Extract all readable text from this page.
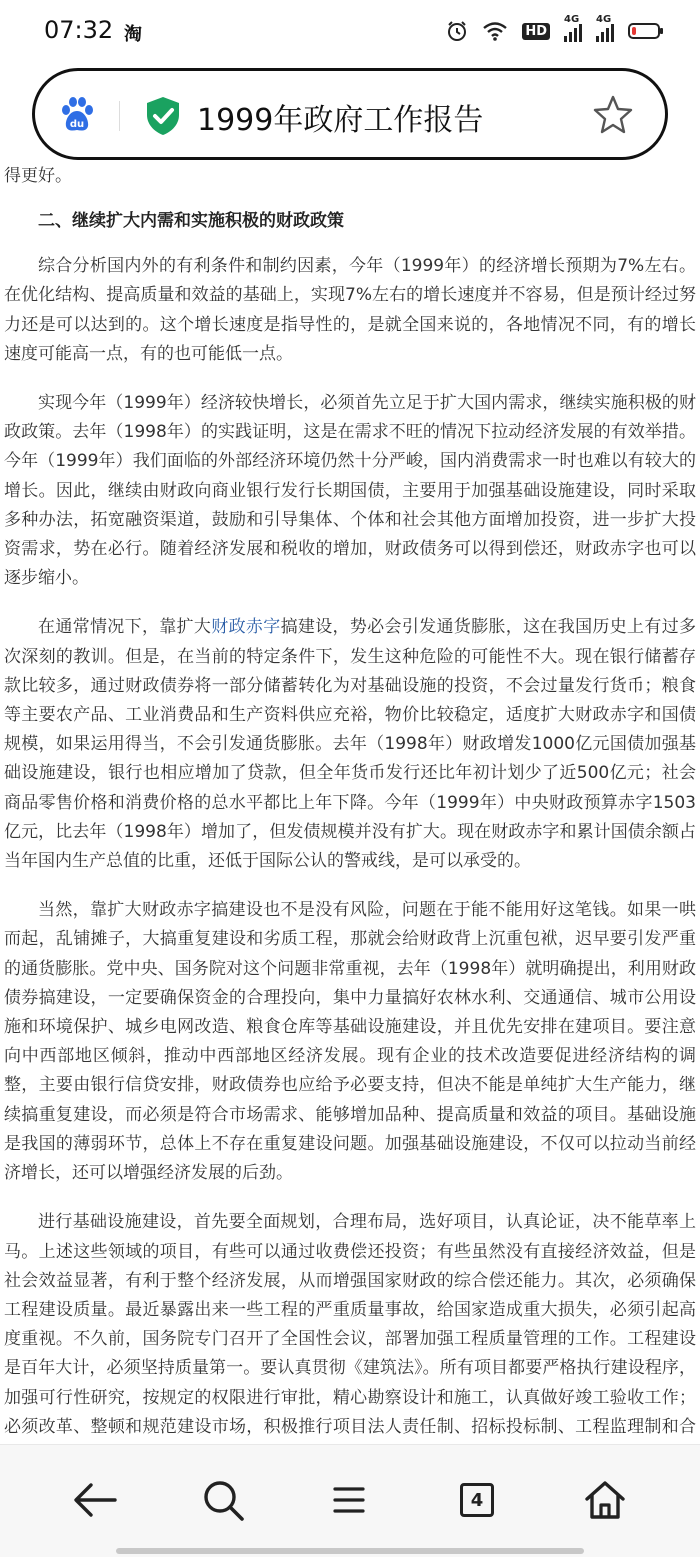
07:32 淘	HD
4G 4G
du	1999年政府工作报告

得更好。

二、继续扩大内需和实施积极的财政政策

综合分析国内外的有利条件和制约因素，今年（1999年）的经济增长预期为7%左右。在优化结构、提高质量和效益的基础上，实现7%左右的增长速度并不容易，但是预计经过努力还是可以达到的。这个增长速度是指导性的，是就全国来说的，各地情况不同，有的增长速度可能高一点，有的也可能低一点。

实现今年（1999年）经济较快增长，必须首先立足于扩大国内需求，继续实施积极的财政政策。去年（1998年）的实践证明，这是在需求不旺的情况下拉动经济发展的有效举措。今年（1999年）我们面临的外部经济环境仍然十分严峻，国内消费需求一时也难以有较大的增长。因此，继续由财政向商业银行发行长期国债，主要用于加强基础设施建设，同时采取多种办法，拓宽融资渠道，鼓励和引导集体、个体和社会其他方面增加投资，进一步扩大投资需求，势在必行。随着经济发展和税收的增加，财政债务可以得到偿还，财政赤字也可以逐步缩小。

在通常情况下，靠扩大财政赤字搞建设，势必会引发通货膨胀，这在我国历史上有过多次深刻的教训。但是，在当前的特定条件下，发生这种危险的可能性不大。现在银行储蓄存款比较多，通过财政债券将一部分储蓄转化为对基础设施的投资，不会过量发行货币；粮食等主要农产品、工业消费品和生产资料供应充裕，物价比较稳定，适度扩大财政赤字和国债规模，如果运用得当，不会引发通货膨胀。去年（1998年）财政增发1000亿元国债加强基础设施建设，银行也相应增加了贷款，但全年货币发行还比年初计划少了近500亿元；社会商品零售价格和消费价格的总水平都比上年下降。今年（1999年）中央财政预算赤字1503亿元，比去年（1998年）增加了，但发债规模并没有扩大。现在财政赤字和累计国债余额占当年国内生产总值的比重，还低于国际公认的警戒线，是可以承受的。

当然，靠扩大财政赤字搞建设也不是没有风险，问题在于能不能用好这笔钱。如果一哄而起，乱铺摊子，大搞重复建设和劣质工程，那就会给财政背上沉重包袱，迟早要引发严重的通货膨胀。党中央、国务院对这个问题非常重视，去年（1998年）就明确提出，利用财政债券搞建设，一定要确保资金的合理投向，集中力量搞好农林水利、交通通信、城市公用设施和环境保护、城乡电网改造、粮食仓库等基础设施建设，并且优先安排在建项目。要注意向中西部地区倾斜，推动中西部地区经济发展。现有企业的技术改造要促进经济结构的调整，主要由银行信贷安排，财政债券也应给予必要支持，但决不能是单纯扩大生产能力，继续搞重复建设，而必须是符合市场需求、能够增加品种、提高质量和效益的项目。基础设施是我国的薄弱环节，总体上不存在重复建设问题。加强基础设施建设，不仅可以拉动当前经济增长，还可以增强经济发展的后劲。

进行基础设施建设，首先要全面规划，合理布局，选好项目，认真论证，决不能草率上马。上述这些领域的项目，有些可以通过收费偿还投资；有些虽然没有直接经济效益，但是社会效益显著，有利于整个经济发展，从而增强国家财政的综合偿还能力。其次，必须确保工程建设质量。最近暴露出来一些工程的严重质量事故，给国家造成重大损失，必须引起高度重视。不久前，国务院专门召开了全国性会议，部署加强工程质量管理的工作。工程建设是百年大计，必须坚持质量第一。要认真贯彻《建筑法》。所有项目都要严格执行建设程序，加强可行性研究，按规定的权限进行审批，精心勘察设计和施工，认真做好竣工验收工作；必须改革、整顿和规范建设市场，积极推行项目法人责任制、招标投标制、工程监理制和合

4
